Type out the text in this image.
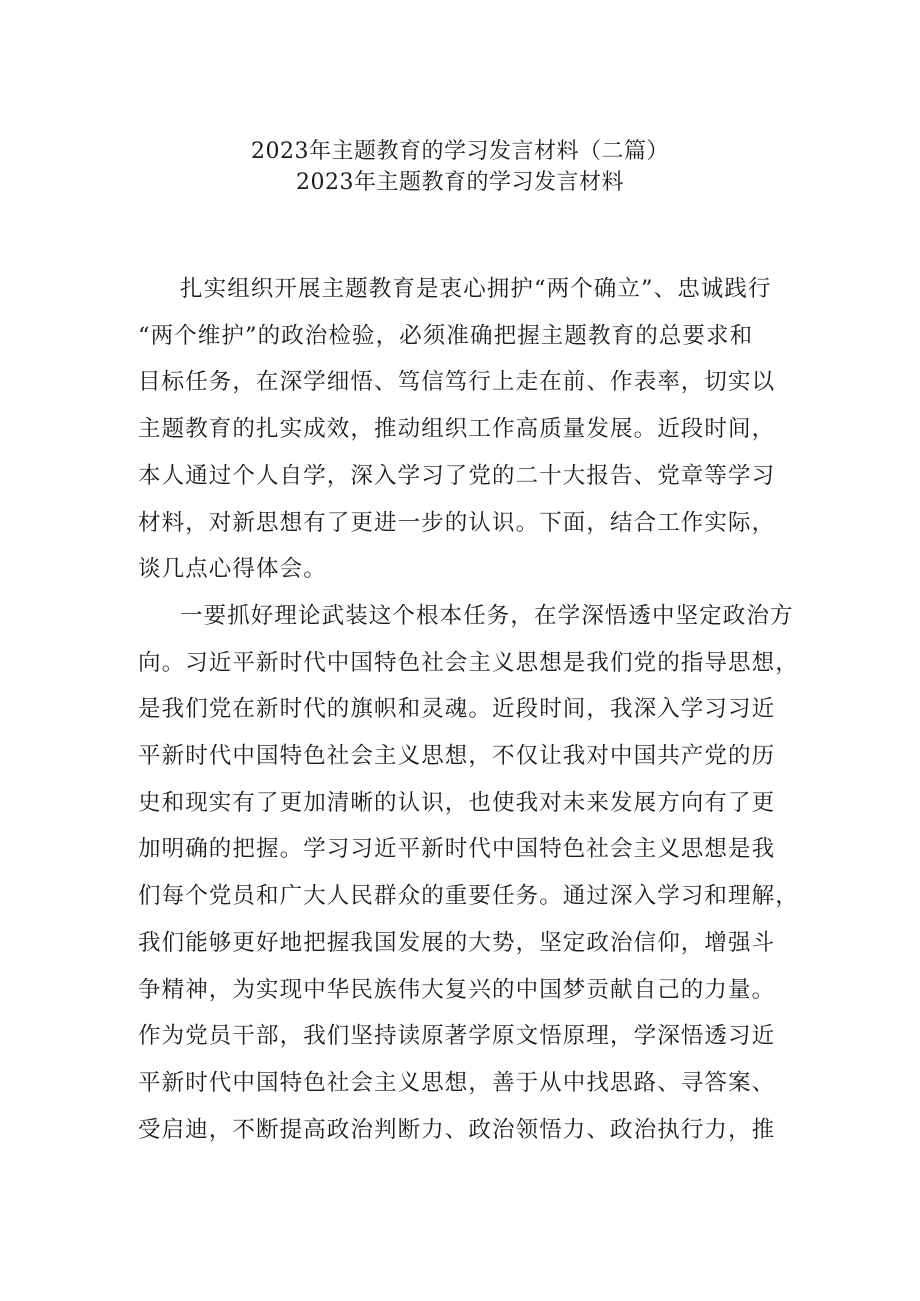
2023年主题教育的学习发言材料（二篇）
2023年主题教育的学习发言材料

扎实组织开展主题教育是衷心拥护“两个确立”、忠诚践行
“两个维护”的政治检验，必须准确把握主题教育的总要求和
目标任务，在深学细悟、笃信笃行上走在前、作表率，切实以
主题教育的扎实成效，推动组织工作高质量发展。近段时间，
本人通过个人自学，深入学习了党的二十大报告、党章等学习
材料，对新思想有了更进一步的认识。下面，结合工作实际，
谈几点心得体会。

一要抓好理论武装这个根本任务，在学深悟透中坚定政治方
向。习近平新时代中国特色社会主义思想是我们党的指导思想，
是我们党在新时代的旗帜和灵魂。近段时间，我深入学习习近
平新时代中国特色社会主义思想，不仅让我对中国共产党的历
史和现实有了更加清晰的认识，也使我对未来发展方向有了更
加明确的把握。学习习近平新时代中国特色社会主义思想是我
们每个党员和广大人民群众的重要任务。通过深入学习和理解，
我们能够更好地把握我国发展的大势，坚定政治信仰，增强斗
争精神，为实现中华民族伟大复兴的中国梦贡献自己的力量。
作为党员干部，我们坚持读原著学原文悟原理，学深悟透习近
平新时代中国特色社会主义思想，善于从中找思路、寻答案、
受启迪，不断提高政治判断力、政治领悟力、政治执行力，推
